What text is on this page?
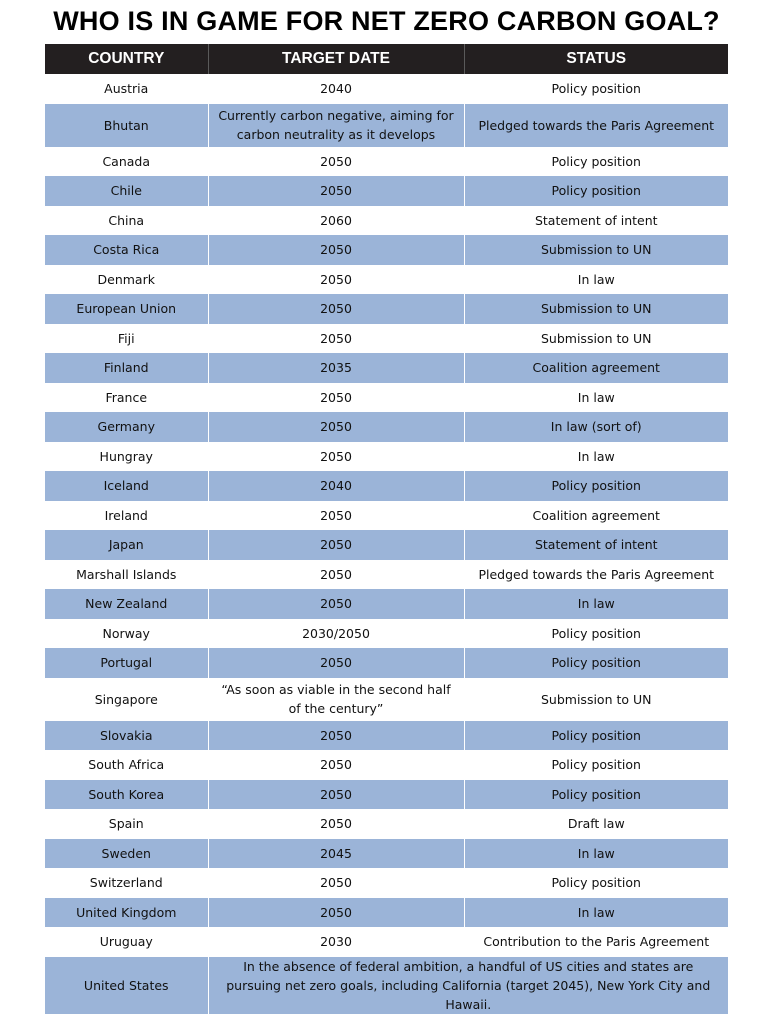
WHO IS IN GAME FOR NET ZERO CARBON GOAL?
COUNTRY	TARGET DATE	STATUS
Austria	2040	Policy position
Bhutan	Currently carbon negative, aiming for carbon neutrality as it develops	Pledged towards the Paris Agreement
Canada	2050	Policy position
Chile	2050	Policy position
China	2060	Statement of intent
Costa Rica	2050	Submission to UN
Denmark	2050	In law
European Union	2050	Submission to UN
Fiji	2050	Submission to UN
Finland	2035	Coalition agreement
France	2050	In law
Germany	2050	In law (sort of)
Hungray	2050	In law
Iceland	2040	Policy position
Ireland	2050	Coalition agreement
Japan	2050	Statement of intent
Marshall Islands	2050	Pledged towards the Paris Agreement
New Zealand	2050	In law
Norway	2030/2050	Policy position
Portugal	2050	Policy position
Singapore	“As soon as viable in the second half of the century”	Submission to UN
Slovakia	2050	Policy position
South Africa	2050	Policy position
South Korea	2050	Policy position
Spain	2050	Draft law
Sweden	2045	In law
Switzerland	2050	Policy position
United Kingdom	2050	In law
Uruguay	2030	Contribution to the Paris Agreement
United States	In the absence of federal ambition, a handful of US cities and states are pursuing net zero goals, including California (target 2045), New York City and Hawaii.	
